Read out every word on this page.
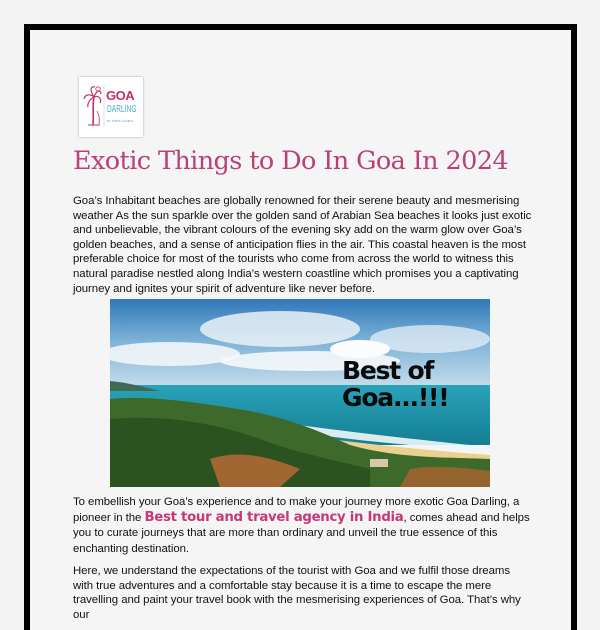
GOA
DARLING
BY TRIPS GLOBAL
Exotic Things to Do In Goa In 2024

Goa’s Inhabitant beaches are globally renowned for their serene beauty and mesmerising weather As the sun sparkle over the golden sand of Arabian Sea beaches it looks just exotic and unbelievable, the vibrant colours of the evening sky add on the warm glow over Goa’s golden beaches, and a sense of anticipation flies in the air. This coastal heaven is the most preferable choice for most of the tourists who come from across the world to witness this natural paradise nestled along India’s western coastline which promises you a captivating journey and ignites your spirit of adventure like never before.

Best of
Goa...!!!

To embellish your Goa’s experience and to make your journey more exotic Goa Darling, a pioneer in the Best tour and travel agency in India, comes ahead and helps you to curate journeys that are more than ordinary and unveil the true essence of this enchanting destination.

Here, we understand the expectations of the tourist with Goa and we fulfil those dreams with true adventures and a comfortable stay because it is a time to escape the mere travelling and paint your travel book with the mesmerising experiences of Goa. That’s why our
